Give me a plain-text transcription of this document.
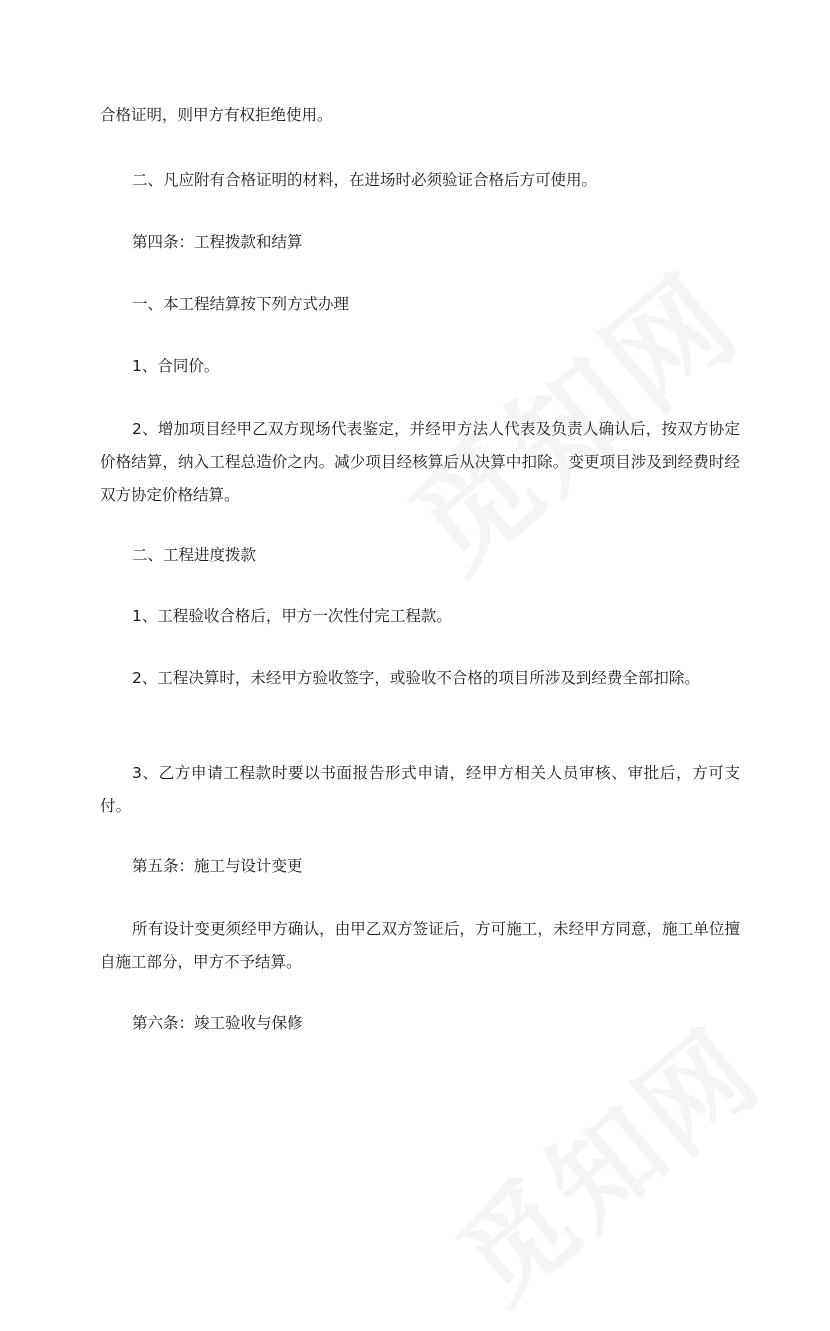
合格证明，则甲方有权拒绝使用。

二、凡应附有合格证明的材料，在进场时必须验证合格后方可使用。

第四条：工程拨款和结算

一、本工程结算按下列方式办理

1、合同价。

2、增加项目经甲乙双方现场代表鉴定，并经甲方法人代表及负责人确认后，按双方协定价格结算，纳入工程总造价之内。减少项目经核算后从决算中扣除。变更项目涉及到经费时经双方协定价格结算。

二、工程进度拨款

1、工程验收合格后，甲方一次性付完工程款。

2、工程决算时，未经甲方验收签字，或验收不合格的项目所涉及到经费全部扣除。

3、乙方申请工程款时要以书面报告形式申请，经甲方相关人员审核、审批后，方可支付。

第五条：施工与设计变更

所有设计变更须经甲方确认，由甲乙双方签证后，方可施工，未经甲方同意，施工单位擅自施工部分，甲方不予结算。

第六条：竣工验收与保修
